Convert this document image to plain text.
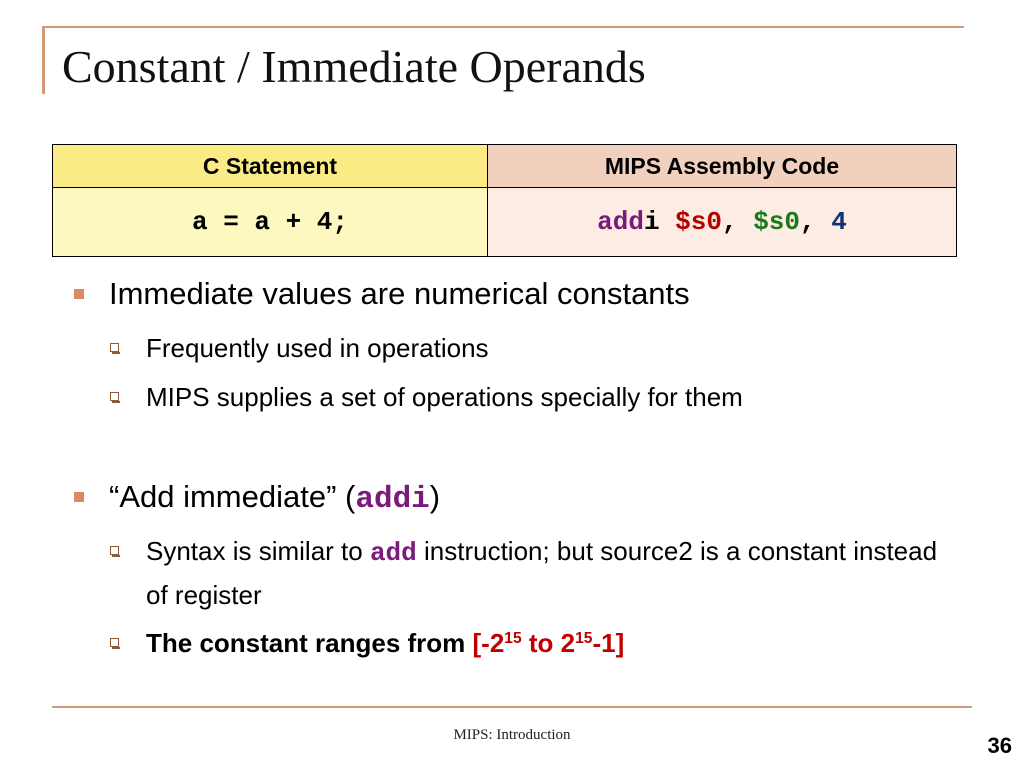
Constant / Immediate Operands
C Statement	MIPS Assembly Code
a = a + 4;	addi $s0, $s0, 4
Immediate values are numerical constants
Frequently used in operations
MIPS supplies a set of operations specially for them
“Add immediate” (addi)
Syntax is similar to add instruction; but source2 is a constant instead of register
The constant ranges from [$-2^{15}$ to $2^{15}-1$]
MIPS: Introduction	36
